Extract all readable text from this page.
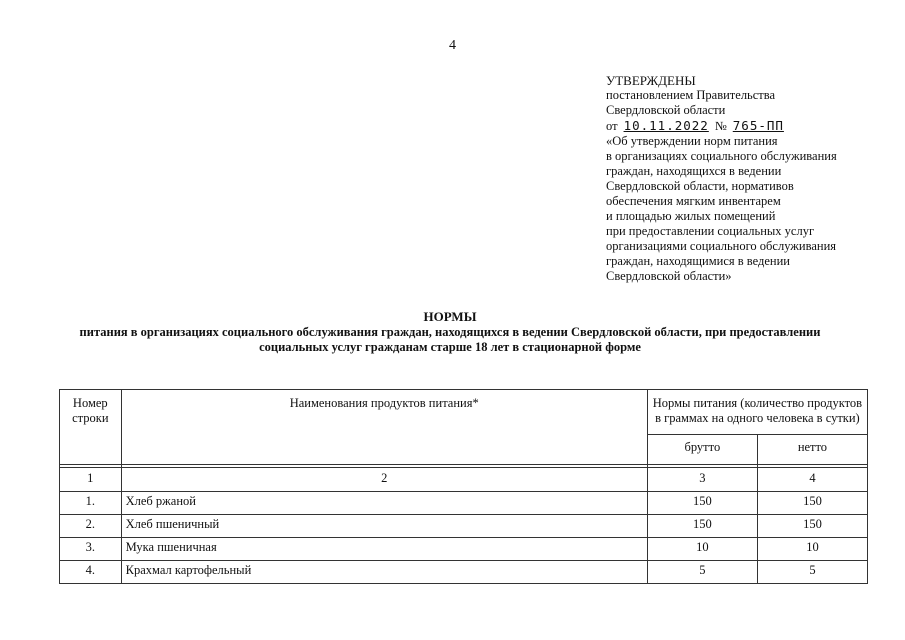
4
УТВЕРЖДЕНЫ
постановлением Правительства
Свердловской области
от 10.11.2022 № 765-ПП
«Об утверждении норм питания
в организациях социального обслуживания
граждан, находящихся в ведении
Свердловской области, нормативов
обеспечения мягким инвентарем
и площадью жилых помещений
при предоставлении социальных услуг
организациями социального обслуживания
граждан, находящимися в ведении
Свердловской области»
НОРМЫ
питания в организациях социального обслуживания граждан, находящихся в ведении Свердловской области, при предоставлении
социальных услуг гражданам старше 18 лет в стационарной форме
Номер строки	Наименования продуктов питания*	Нормы питания (количество продуктов в граммах на одного человека в сутки)	
		брутто	нетто

1	2	3	4
1.	Хлеб ржаной	150	150
2.	Хлеб пшеничный	150	150
3.	Мука пшеничная	10	10
4.	Крахмал картофельный	5	5
